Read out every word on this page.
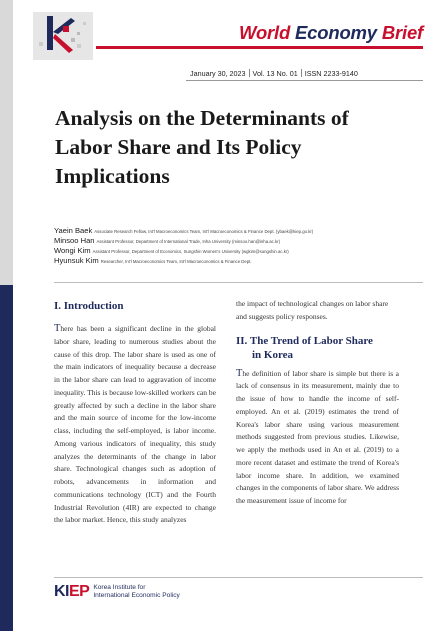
World Economy Brief
January 30, 2023 Vol. 13 No. 01 ISSN 2233-9140
Analysis on the Determinants of
Labor Share and Its Policy
Implications
Yaein Baek Associate Research Fellow, Int'l Macroeconomics Team, Int'l Macroeconomics & Finance Dept. (ybaek@kiep.go.kr)
Minsoo Han Assistant Professor, Department of International Trade, Inha University (minsoo.han@inha.ac.kr)
Wongi Kim Assistant Professor, Department of Economics, Sungshin Women's University (wgkim@sungshin.ac.kr)
Hyunsuk Kim Researcher, Int'l Macroeconomics Team, Int'l Macroeconomics & Finance Dept.
I. Introduction

There has been a significant decline in the global labor share, leading to numerous studies about the cause of this drop. The labor share is used as one of the main indicators of inequality because a decrease in the labor share can lead to aggravation of income inequality. This is because low-skilled workers can be greatly affected by such a decline in the labor share and the main source of income for the low-income class, including the self-employed, is labor income. Among various indicators of inequality, this study analyzes the determinants of the change in labor share. Technological changes such as adoption of robots, advancements in information and communications technology (ICT) and the Fourth Industrial Revolution (4IR) are expected to change the labor market. Hence, this study analyzes

the impact of technological changes on labor share and suggests policy responses.

II. The Trend of Labor Share
in Korea

The definition of labor share is simple but there is a lack of consensus in its measurement, mainly due to the issue of how to handle the income of self-employed. An et al. (2019) estimates the trend of Korea's labor share using various measurement methods suggested from previous studies. Likewise, we apply the methods used in An et al. (2019) to a more recent dataset and estimate the trend of Korea's labor income share. In addition, we examined changes in the components of labor share. We address the measurement issue of income for

KIEP Korea Institute for
International Economic Policy
